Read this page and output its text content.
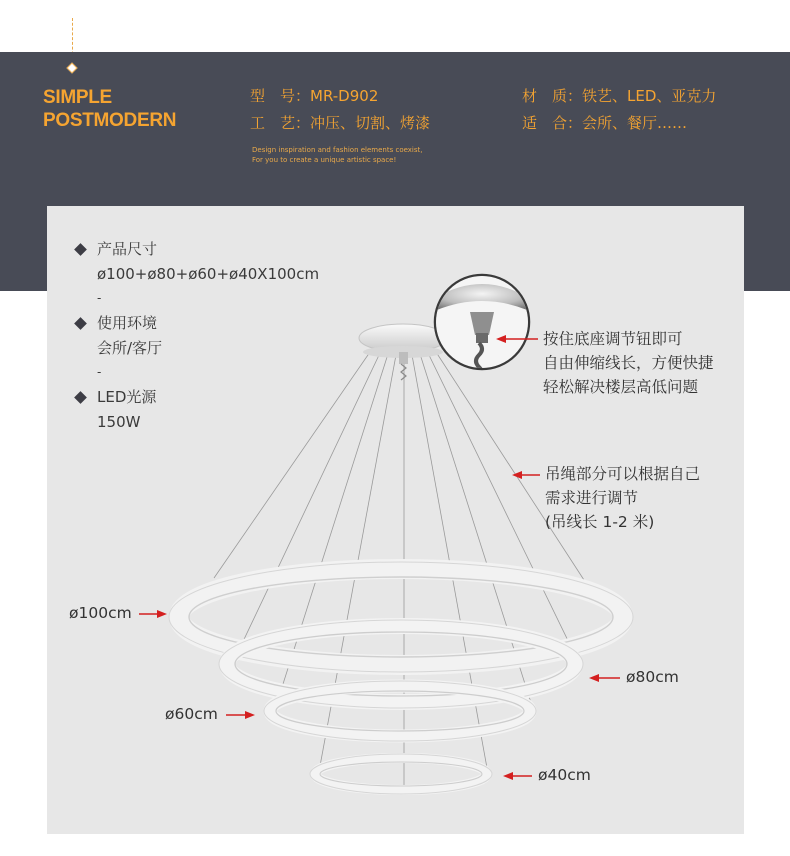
SIMPLE
POSTMODERN
型　号：MR-D902
工　艺：冲压、切割、烤漆
材　质：铁艺、LED、亚克力
适　合：会所、餐厅……
Design inspiration and fashion elements coexist,
For you to create a unique artistic space!
产品尺寸
ø100+ø80+ø60+ø40X100cm
-
使用环境
会所/客厅
-
LED光源
150W
按住底座调节钮即可
自由伸缩线长，方便快捷
轻松解决楼层高低问题
吊绳部分可以根据自己
需求进行调节
(吊线长 1-2 米)
ø100cm
ø80cm
ø60cm
ø40cm
